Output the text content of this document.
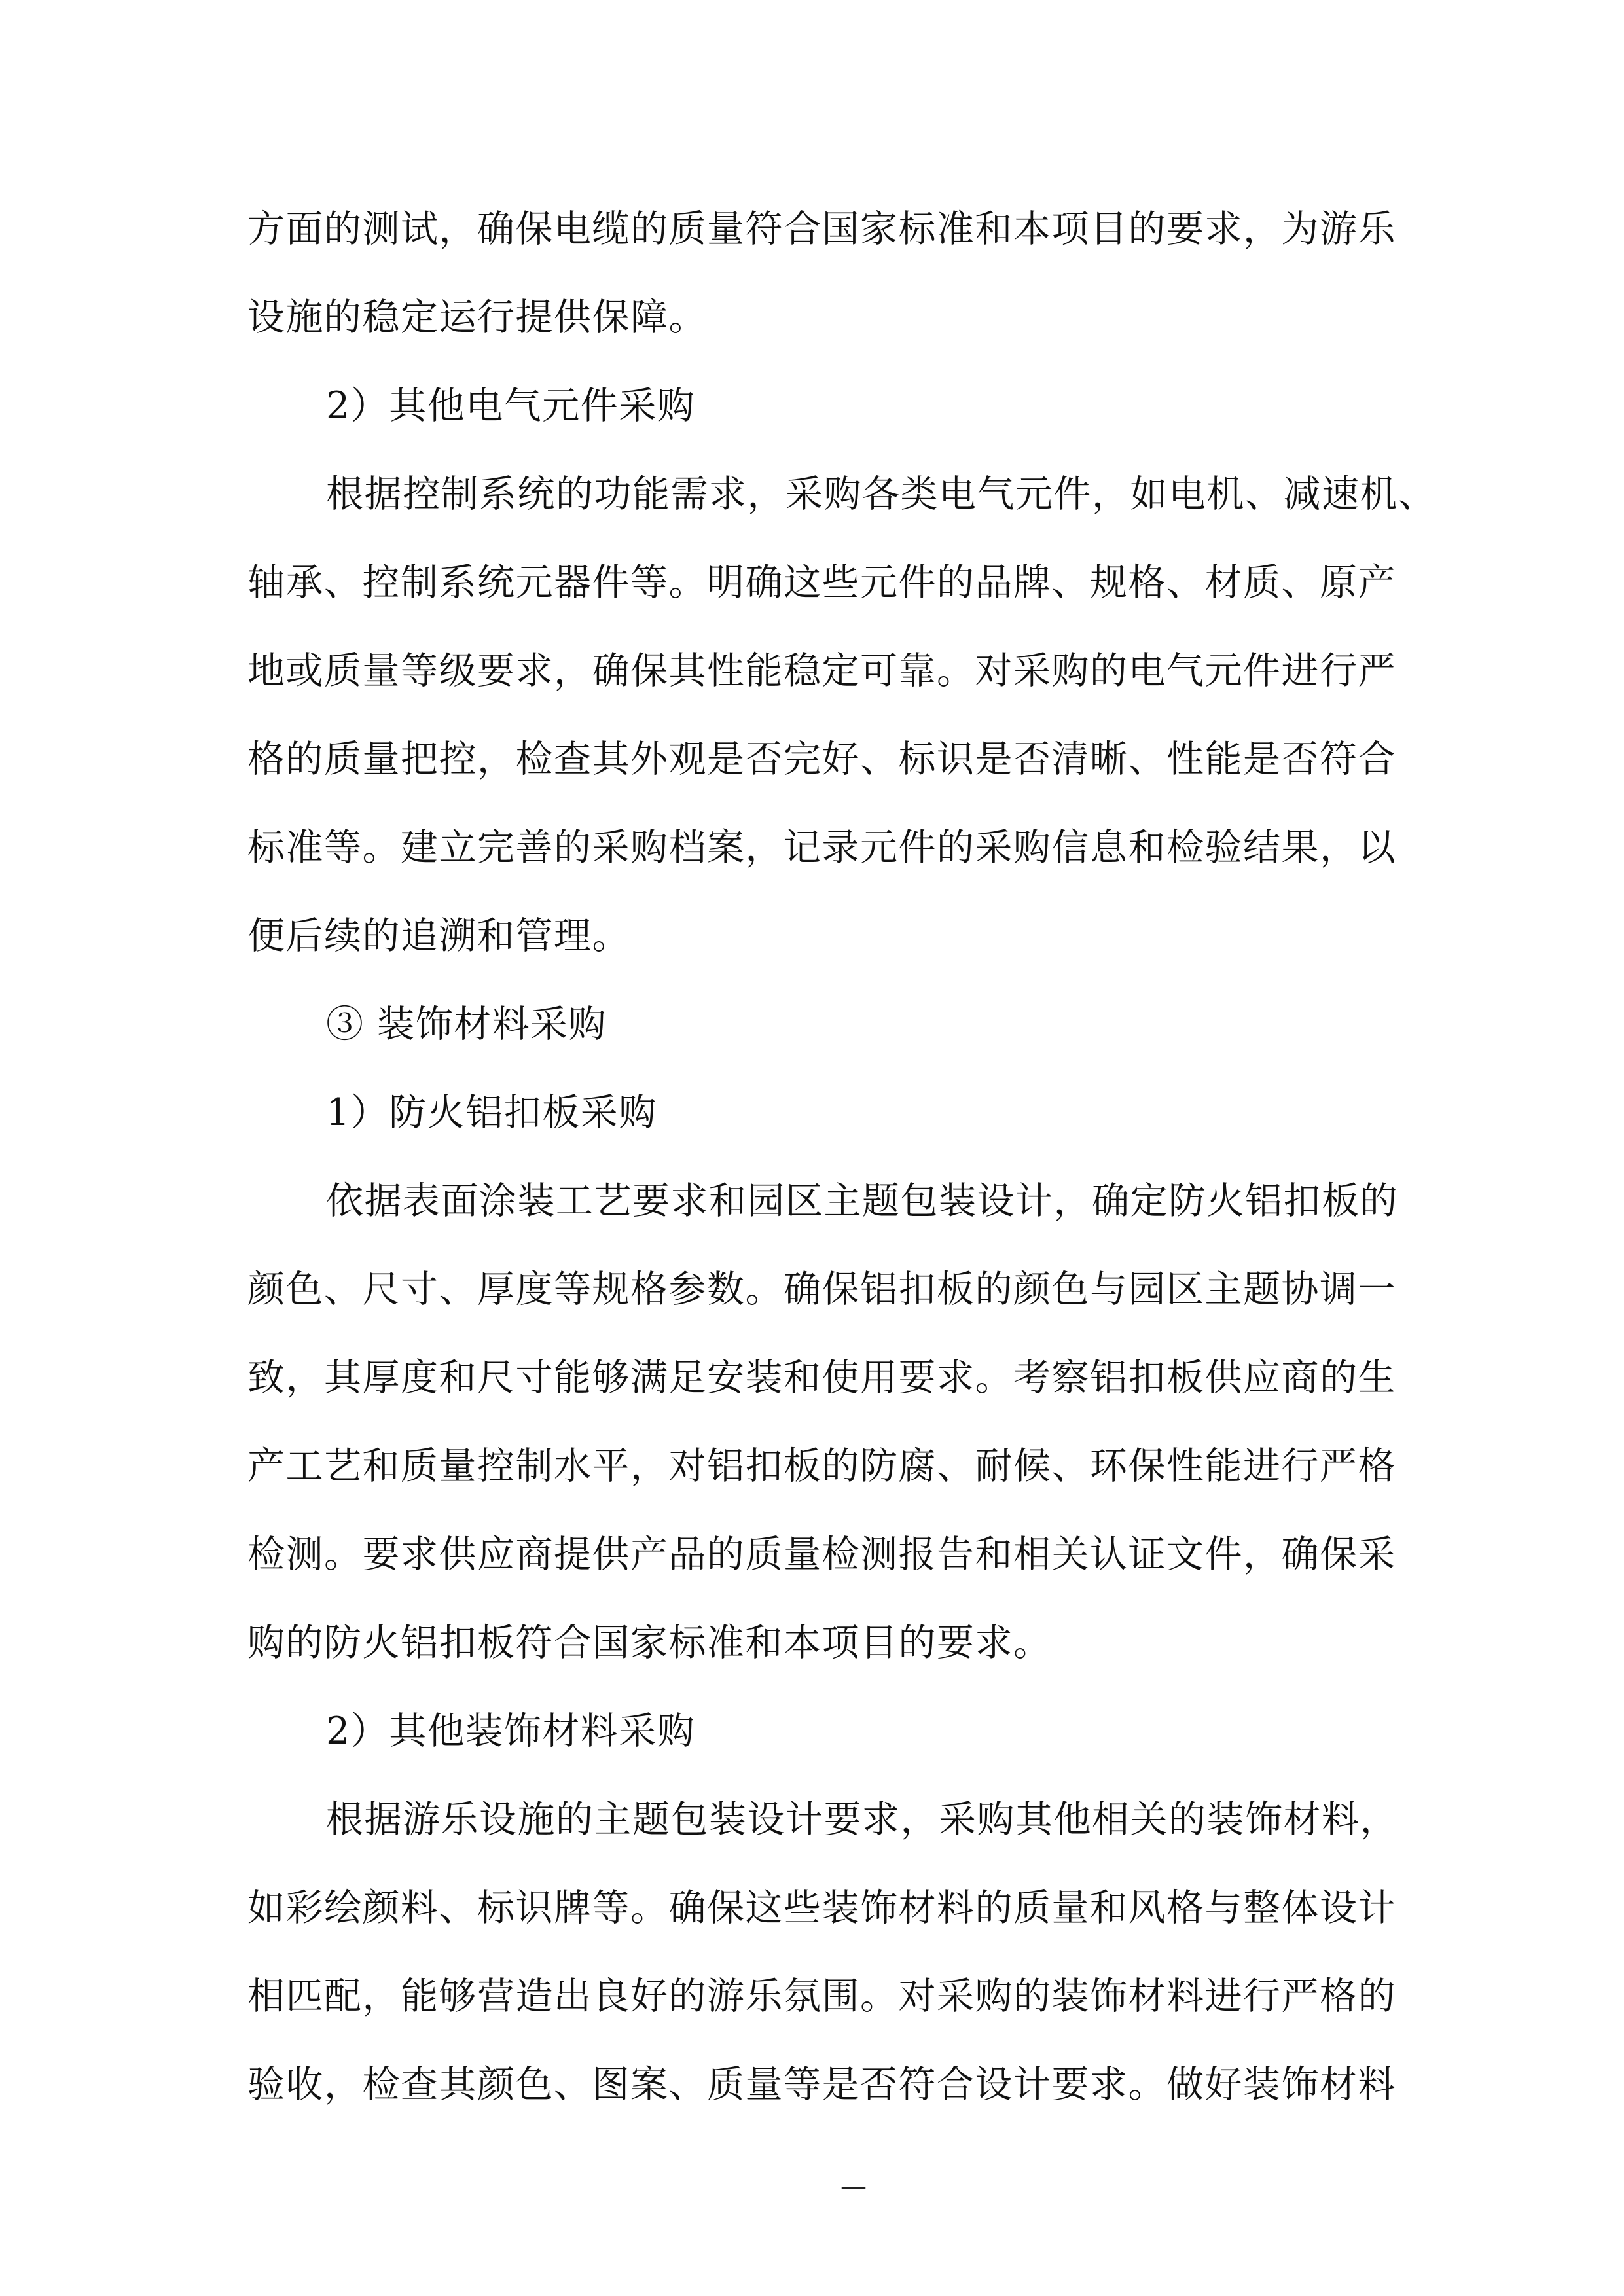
方面的测试，确保电缆的质量符合国家标准和本项目的要求，为游乐
设施的稳定运行提供保障。
2）其他电气元件采购
根据控制系统的功能需求，采购各类电气元件，如电机、减速机、
轴承、控制系统元器件等。明确这些元件的品牌、规格、材质、原产
地或质量等级要求，确保其性能稳定可靠。对采购的电气元件进行严
格的质量把控，检查其外观是否完好、标识是否清晰、性能是否符合
标准等。建立完善的采购档案，记录元件的采购信息和检验结果，以
便后续的追溯和管理。
③ 装饰材料采购
1）防火铝扣板采购
依据表面涂装工艺要求和园区主题包装设计，确定防火铝扣板的
颜色、尺寸、厚度等规格参数。确保铝扣板的颜色与园区主题协调一
致，其厚度和尺寸能够满足安装和使用要求。考察铝扣板供应商的生
产工艺和质量控制水平，对铝扣板的防腐、耐候、环保性能进行严格
检测。要求供应商提供产品的质量检测报告和相关认证文件，确保采
购的防火铝扣板符合国家标准和本项目的要求。
2）其他装饰材料采购
根据游乐设施的主题包装设计要求，采购其他相关的装饰材料，
如彩绘颜料、标识牌等。确保这些装饰材料的质量和风格与整体设计
相匹配，能够营造出良好的游乐氛围。对采购的装饰材料进行严格的
验收，检查其颜色、图案、质量等是否符合设计要求。做好装饰材料
—
